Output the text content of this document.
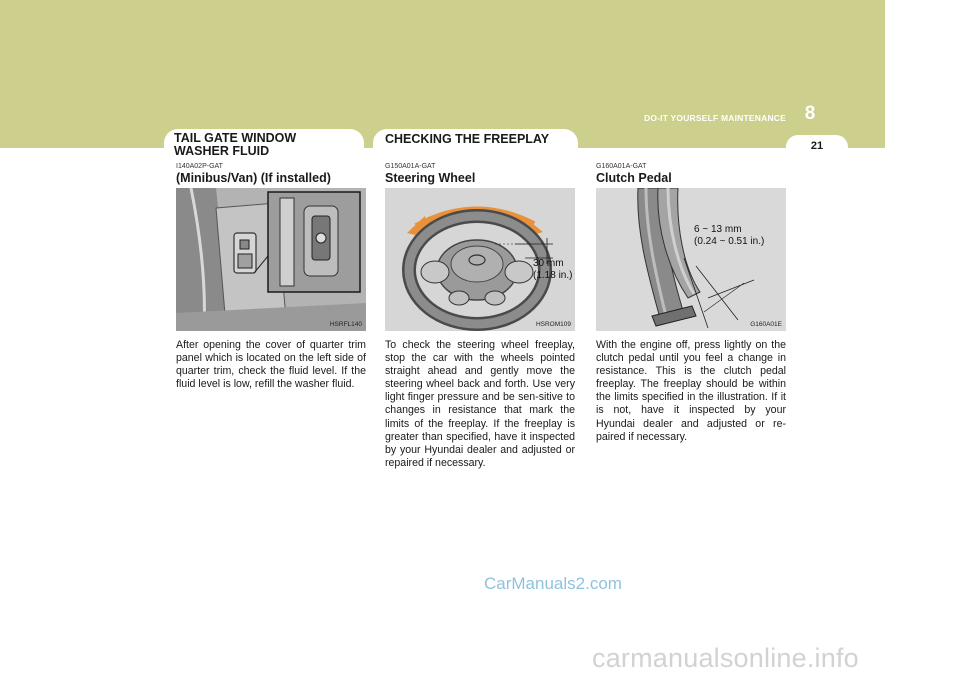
DO-IT YOURSELF MAINTENANCE 8
21
TAIL GATE WINDOW
WASHER FLUID
CHECKING THE FREEPLAY
I140A02P-GAT
(Minibus/Van) (If installed)
HSRFL140
After opening the cover of quarter trim panel which is located on the left side of quarter trim, check the fluid level. If the fluid level is low, refill the washer fluid.
G150A01A-GAT
Steering Wheel
30 mm
(1.18 in.)
HSROM109
To check the steering wheel freeplay, stop the car with the wheels pointed straight ahead and gently move the steering wheel back and forth. Use very light finger pressure and be sen-sitive to changes in resistance that mark the limits of the freeplay. If the freeplay is greater than specified, have it inspected by your Hyundai dealer and adjusted or repaired if necessary.
G160A01A-GAT
Clutch Pedal
6 ~ 13 mm
(0.24 ~ 0.51 in.)
G160A01E
With the engine off, press lightly on the clutch pedal until you feel a change in resistance. This is the clutch pedal freeplay. The freeplay should be within the limits specified in the illustration. If it is not, have it inspected by your Hyundai dealer and adjusted or re-paired if necessary.
CarManuals2.com
carmanualsonline.info
